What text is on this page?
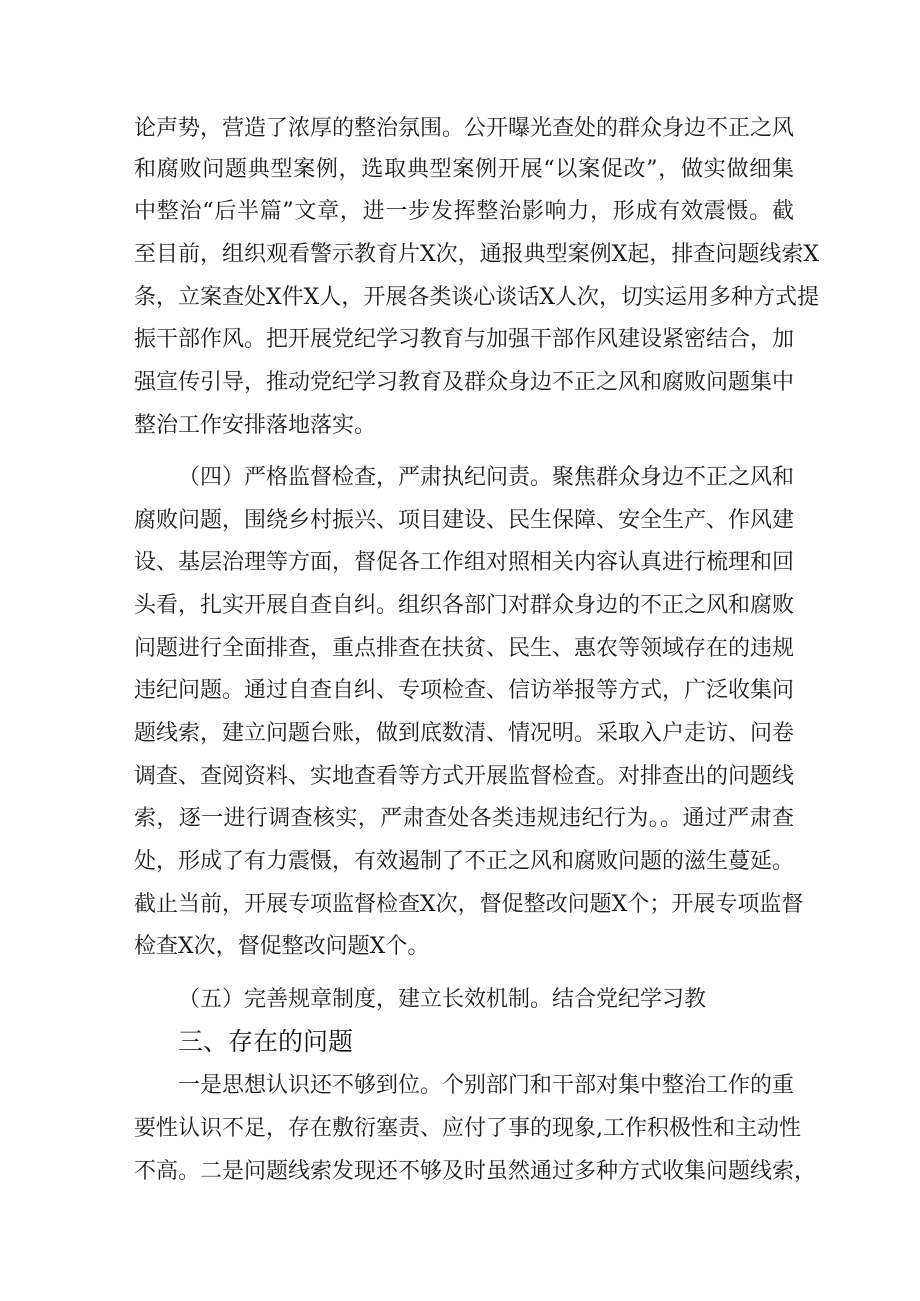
论声势，营造了浓厚的整治氛围。公开曝光查处的群众身边不正之风
和腐败问题典型案例，选取典型案例开展“以案促改”，做实做细集
中整治“后半篇”文章，进一步发挥整治影响力，形成有效震慑。截
至目前，组织观看警示教育片X次，通报典型案例X起，排查问题线索X
条，立案查处X件X人，开展各类谈心谈话X人次，切实运用多种方式提
振干部作风。把开展党纪学习教育与加强干部作风建设紧密结合，加
强宣传引导，推动党纪学习教育及群众身边不正之风和腐败问题集中
整治工作安排落地落实。
（四）严格监督检查，严肃执纪问责。聚焦群众身边不正之风和
腐败问题，围绕乡村振兴、项目建设、民生保障、安全生产、作风建
设、基层治理等方面，督促各工作组对照相关内容认真进行梳理和回
头看，扎实开展自查自纠。组织各部门对群众身边的不正之风和腐败
问题进行全面排查，重点排查在扶贫、民生、惠农等领域存在的违规
违纪问题。通过自查自纠、专项检查、信访举报等方式，广泛收集问
题线索，建立问题台账，做到底数清、情况明。采取入户走访、问卷
调查、查阅资料、实地查看等方式开展监督检查。对排查出的问题线
索，逐一进行调查核实，严肃查处各类违规违纪行为。。通过严肃查
处，形成了有力震慑，有效遏制了不正之风和腐败问题的滋生蔓延。
截止当前，开展专项监督检查X次，督促整改问题X个；开展专项监督
检查X次，督促整改问题X个。
（五）完善规章制度，建立长效机制。结合党纪学习教
三、存在的问题
一是思想认识还不够到位。个别部门和干部对集中整治工作的重
要性认识不足，存在敷衍塞责、应付了事的现象,工作积极性和主动性
不高。二是问题线索发现还不够及时虽然通过多种方式收集问题线索，
